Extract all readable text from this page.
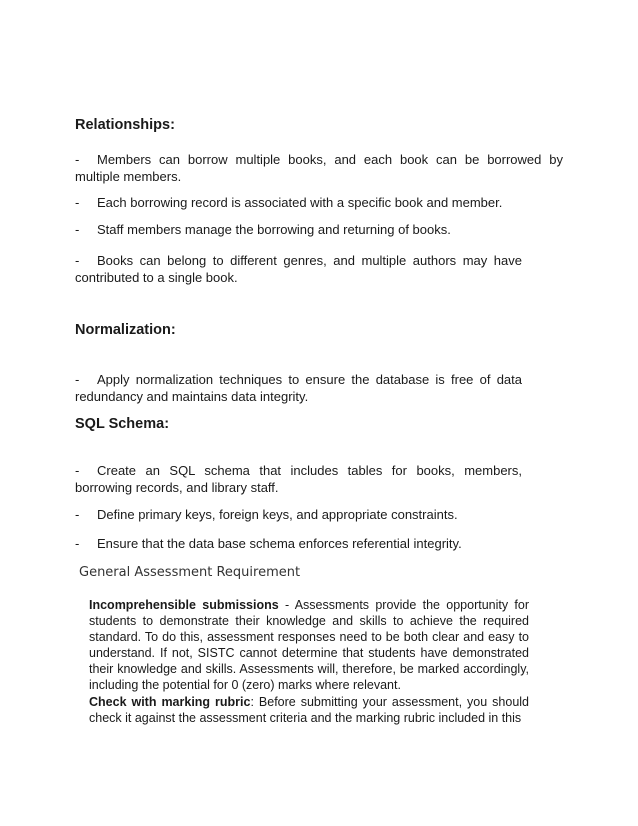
Relationships:

- Members can borrow multiple books, and each book can be borrowed by multiple members.

- Each borrowing record is associated with a specific book and member.

- Staff members manage the borrowing and returning of books.

- Books can belong to different genres, and multiple authors may have contributed to a single book.

Normalization:

- Apply normalization techniques to ensure the database is free of data redundancy and maintains data integrity.

SQL Schema:

- Create an SQL schema that includes tables for books, members, borrowing records, and library staff.

- Define primary keys, foreign keys, and appropriate constraints.

- Ensure that the data base schema enforces referential integrity.

General Assessment Requirement

Incomprehensible submissions - Assessments provide the opportunity for students to demonstrate their knowledge and skills to achieve the required standard. To do this, assessment responses need to be both clear and easy to understand. If not, SISTC cannot determine that students have demonstrated their knowledge and skills. Assessments will, therefore, be marked accordingly, including the potential for 0 (zero) marks where relevant.

Check with marking rubric: Before submitting your assessment, you should check it against the assessment criteria and the marking rubric included in this
